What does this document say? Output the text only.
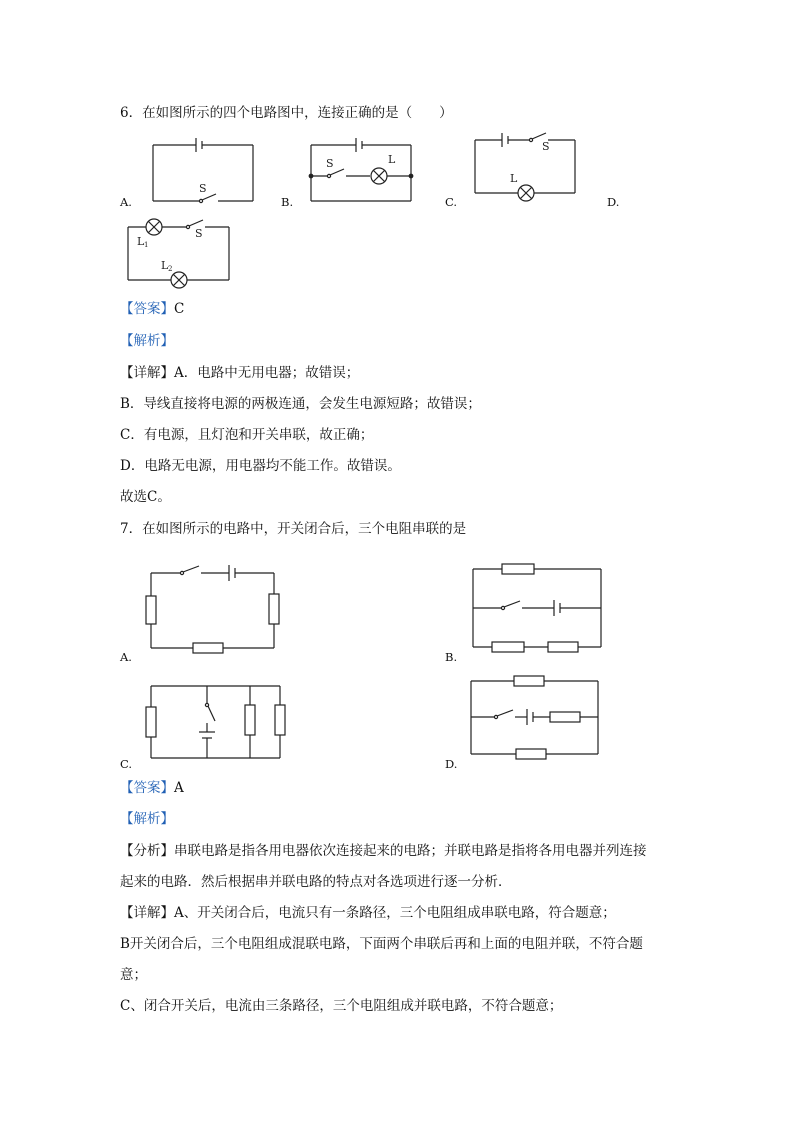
6．在如图所示的四个电路图中，连接正确的是（　　）
S
A.
S	L
B.
S
L
C.	D.
L 1
S
L 2
【答案】C
【解析】
【详解】A．电路中无用电器；故错误；
B．导线直接将电源的两极连通，会发生电源短路；故错误；
C．有电源，且灯泡和开关串联，故正确；
D．电路无电源，用电器均不能工作。故错误。
故选C。
7．在如图所示的电路中，开关闭合后，三个电阻串联的是
A.	B.
C.	D.
【答案】A
【解析】
【分析】串联电路是指各用电器依次连接起来的电路；并联电路是指将各用电器并列连接
起来的电路．然后根据串并联电路的特点对各选项进行逐一分析．
【详解】A、开关闭合后，电流只有一条路径，三个电阻组成串联电路，符合题意；
B开关闭合后，三个电阻组成混联电路，下面两个串联后再和上面的电阻并联，不符合题
意；
C、闭合开关后，电流由三条路径，三个电阻组成并联电路，不符合题意；
